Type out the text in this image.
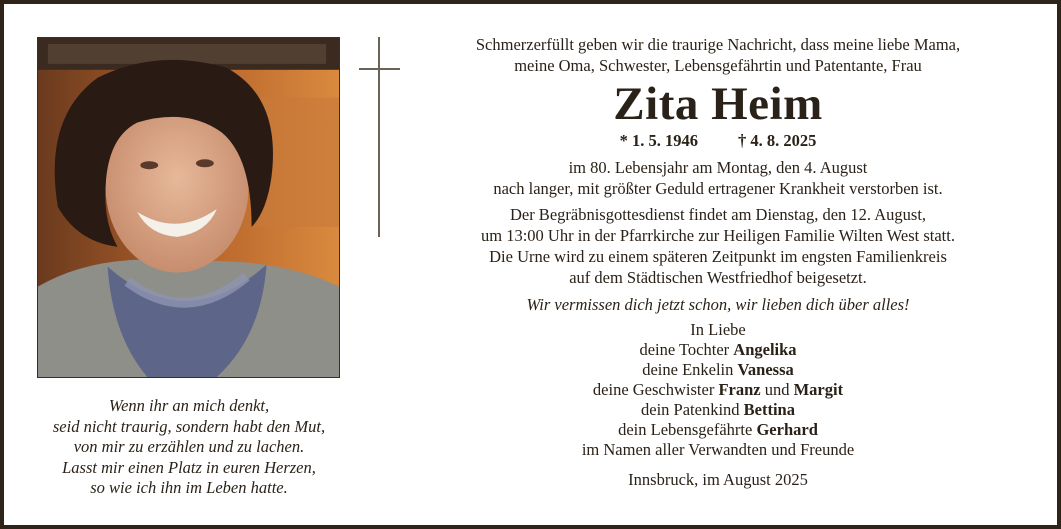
Wenn ihr an mich denkt,
seid nicht traurig, sondern habt den Mut,
von mir zu erzählen und zu lachen.
Lasst mir einen Platz in euren Herzen,
so wie ich ihn im Leben hatte.
Schmerzerfüllt geben wir die traurige Nachricht, dass meine liebe Mama,
meine Oma, Schwester, Lebensgefährtin und Patentante, Frau
Zita Heim
* 1. 5. 1946 † 4. 8. 2025
im 80. Lebensjahr am Montag, den 4. August
nach langer, mit größter Geduld ertragener Krankheit verstorben ist.
Der Begräbnisgottesdienst findet am Dienstag, den 12. August,
um 13:00 Uhr in der Pfarrkirche zur Heiligen Familie Wilten West statt.
Die Urne wird zu einem späteren Zeitpunkt im engsten Familienkreis
auf dem Städtischen Westfriedhof beigesetzt.
Wir vermissen dich jetzt schon, wir lieben dich über alles!
In Liebe
deine Tochter Angelika
deine Enkelin Vanessa
deine Geschwister Franz und Margit
dein Patenkind Bettina
dein Lebensgefährte Gerhard
im Namen aller Verwandten und Freunde
Innsbruck, im August 2025
